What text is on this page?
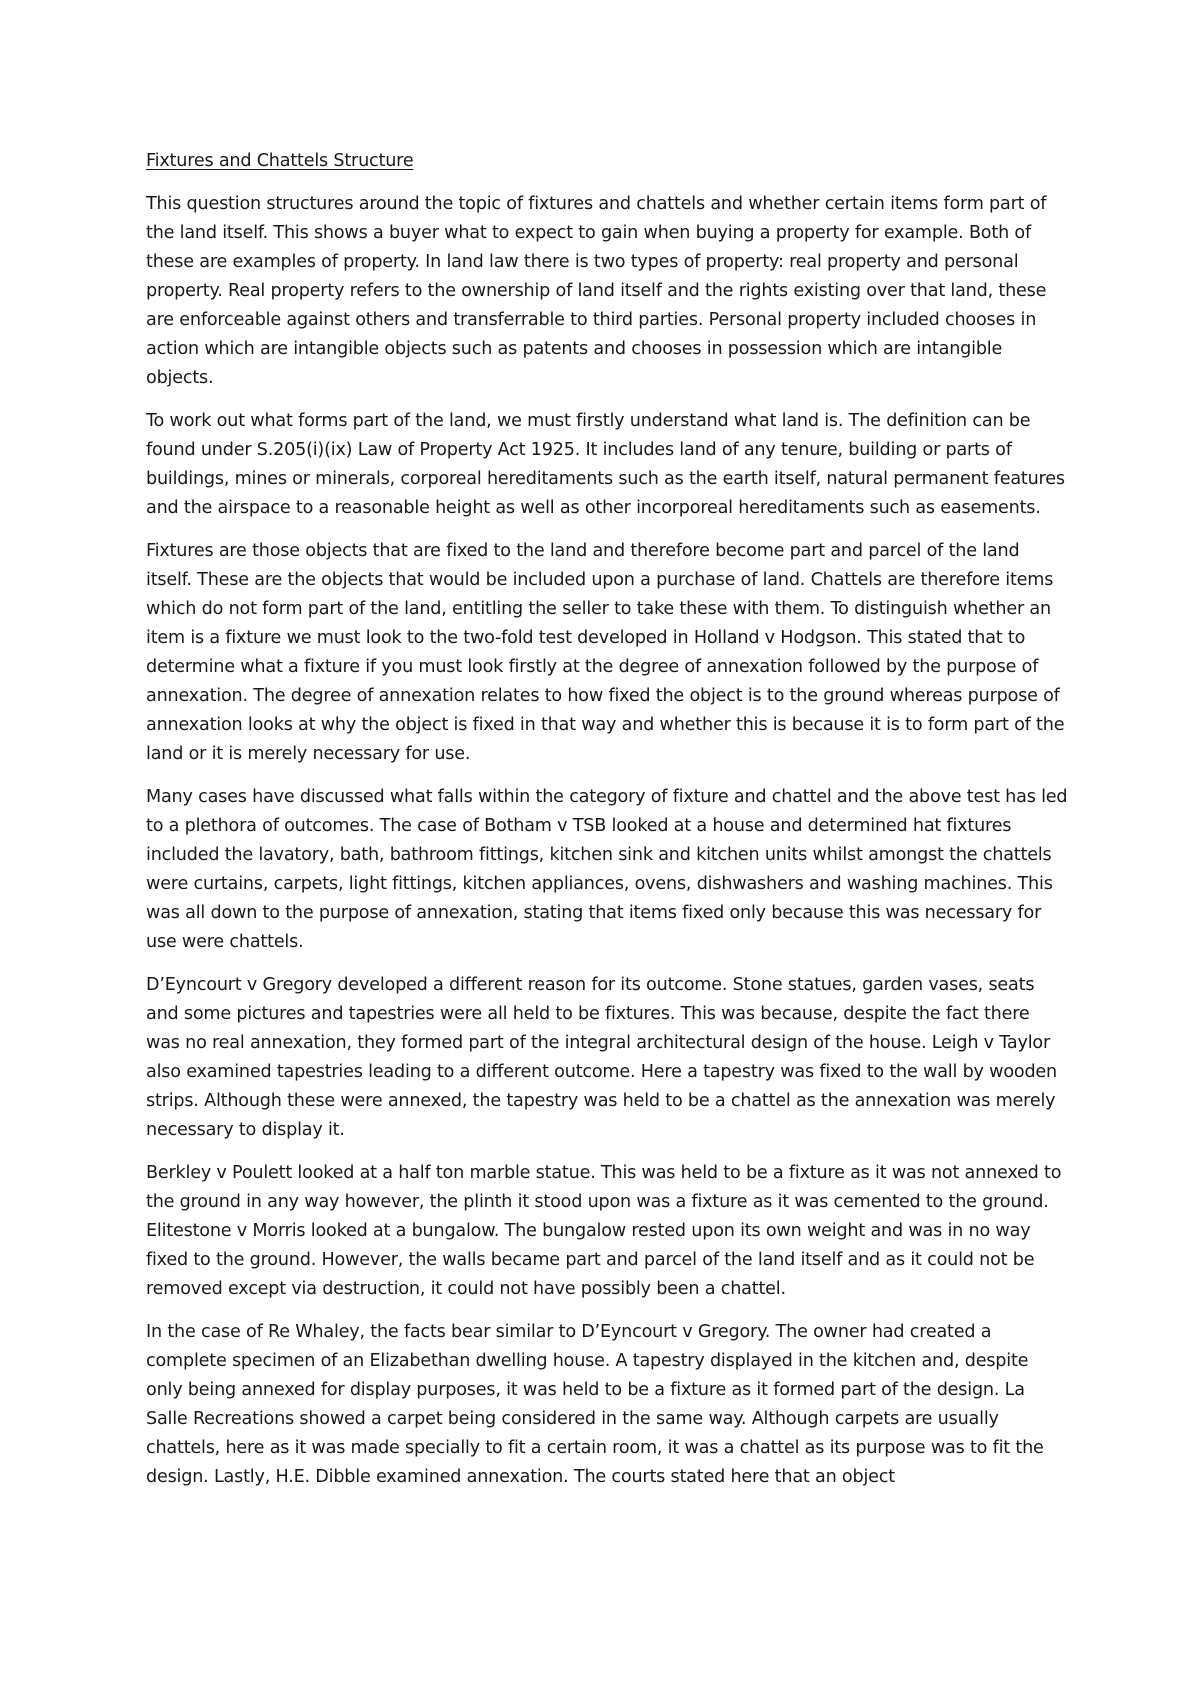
Fixtures and Chattels Structure

This question structures around the topic of fixtures and chattels and whether certain items form part of the land itself. This shows a buyer what to expect to gain when buying a property for example. Both of these are examples of property. In land law there is two types of property: real property and personal property. Real property refers to the ownership of land itself and the rights existing over that land, these are enforceable against others and transferrable to third parties. Personal property included chooses in action which are intangible objects such as patents and chooses in possession which are intangible objects.

To work out what forms part of the land, we must firstly understand what land is. The definition can be found under S.205(i)(ix) Law of Property Act 1925. It includes land of any tenure, building or parts of buildings, mines or minerals, corporeal hereditaments such as the earth itself, natural permanent features and the airspace to a reasonable height as well as other incorporeal hereditaments such as easements.

Fixtures are those objects that are fixed to the land and therefore become part and parcel of the land itself. These are the objects that would be included upon a purchase of land. Chattels are therefore items which do not form part of the land, entitling the seller to take these with them. To distinguish whether an item is a fixture we must look to the two-fold test developed in Holland v Hodgson. This stated that to determine what a fixture if you must look firstly at the degree of annexation followed by the purpose of annexation. The degree of annexation relates to how fixed the object is to the ground whereas purpose of annexation looks at why the object is fixed in that way and whether this is because it is to form part of the land or it is merely necessary for use.

Many cases have discussed what falls within the category of fixture and chattel and the above test has led to a plethora of outcomes. The case of Botham v TSB looked at a house and determined hat fixtures included the lavatory, bath, bathroom fittings, kitchen sink and kitchen units whilst amongst the chattels were curtains, carpets, light fittings, kitchen appliances, ovens, dishwashers and washing machines. This was all down to the purpose of annexation, stating that items fixed only because this was necessary for use were chattels.

D’Eyncourt v Gregory developed a different reason for its outcome. Stone statues, garden vases, seats and some pictures and tapestries were all held to be fixtures. This was because, despite the fact there was no real annexation, they formed part of the integral architectural design of the house. Leigh v Taylor also examined tapestries leading to a different outcome. Here a tapestry was fixed to the wall by wooden strips. Although these were annexed, the tapestry was held to be a chattel as the annexation was merely necessary to display it.

Berkley v Poulett looked at a half ton marble statue. This was held to be a fixture as it was not annexed to the ground in any way however, the plinth it stood upon was a fixture as it was cemented to the ground. Elitestone v Morris looked at a bungalow. The bungalow rested upon its own weight and was in no way fixed to the ground. However, the walls became part and parcel of the land itself and as it could not be removed except via destruction, it could not have possibly been a chattel.

In the case of Re Whaley, the facts bear similar to D’Eyncourt v Gregory. The owner had created a complete specimen of an Elizabethan dwelling house. A tapestry displayed in the kitchen and, despite only being annexed for display purposes, it was held to be a fixture as it formed part of the design. La Salle Recreations showed a carpet being considered in the same way. Although carpets are usually chattels, here as it was made specially to fit a certain room, it was a chattel as its purpose was to fit the design. Lastly, H.E. Dibble examined annexation. The courts stated here that an object
